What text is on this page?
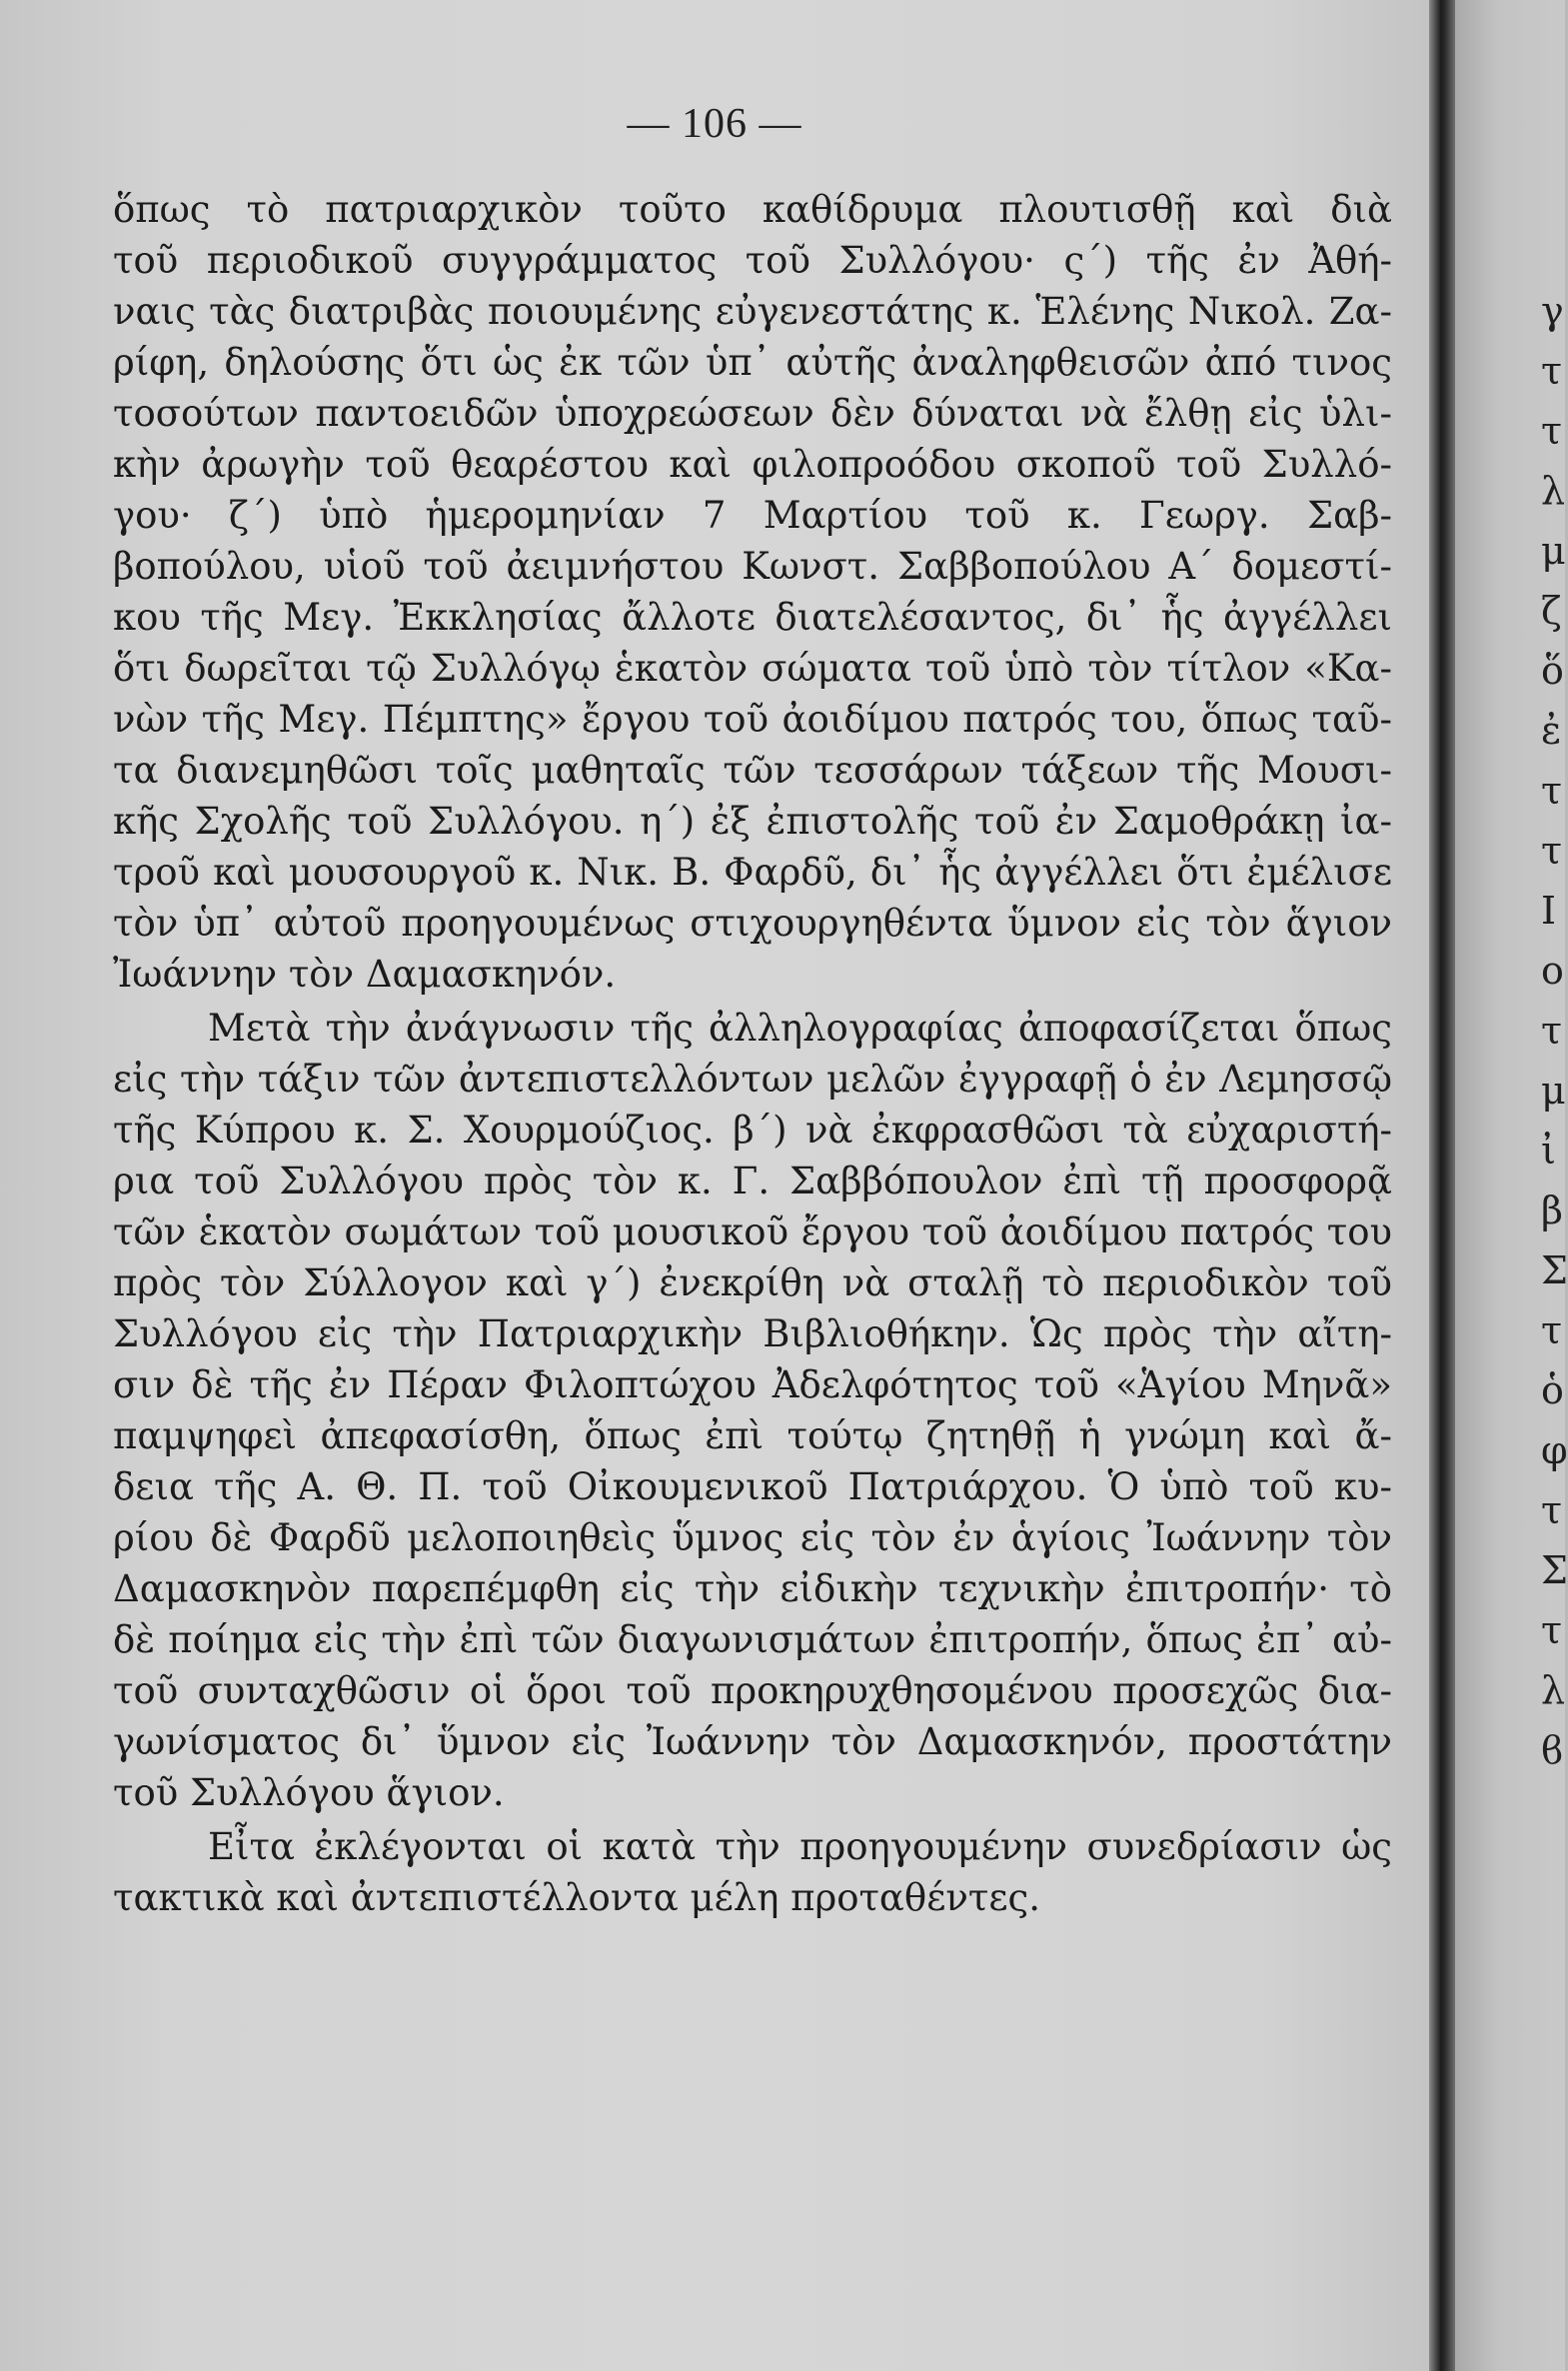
— 106 —
ὅπως τὸ πατριαρχικὸν τοῦτο καθίδρυμα πλουτισθῇ καὶ διὰ
τοῦ περιοδικοῦ συγγράμματος τοῦ Συλλόγου· ς΄) τῆς ἐν Ἀθή-
ναις τὰς διατριβὰς ποιουμένης εὐγενεστάτης κ. Ἑλένης Νικολ. Ζα-
ρίφη, δηλούσης ὅτι ὡς ἐκ τῶν ὑπ᾽ αὐτῆς ἀναληφθεισῶν ἀπό τινος
τοσούτων παντοειδῶν ὑποχρεώσεων δὲν δύναται νὰ ἔλθῃ εἰς ὑλι-
κὴν ἀρωγὴν τοῦ θεαρέστου καὶ φιλοπροόδου σκοποῦ τοῦ Συλλό-
γου· ζ΄) ὑπὸ ἡμερομηνίαν 7 Μαρτίου τοῦ κ. Γεωργ. Σαβ-
βοπούλου, υἱοῦ τοῦ ἀειμνήστου Κωνστ. Σαββοπούλου Α΄ δομεστί-
κου τῆς Μεγ. Ἐκκλησίας ἄλλοτε διατελέσαντος, δι᾽ ἧς ἀγγέλλει
ὅτι δωρεῖται τῷ Συλλόγῳ ἑκατὸν σώματα τοῦ ὑπὸ τὸν τίτλον «Κα-
νὼν τῆς Μεγ. Πέμπτης» ἔργου τοῦ ἀοιδίμου πατρός του, ὅπως ταῦ-
τα διανεμηθῶσι τοῖς μαθηταῖς τῶν τεσσάρων τάξεων τῆς Μουσι-
κῆς Σχολῆς τοῦ Συλλόγου. η΄) ἐξ ἐπιστολῆς τοῦ ἐν Σαμοθράκῃ ἰα-
τροῦ καὶ μουσουργοῦ κ. Νικ. Β. Φαρδῦ, δι᾽ ἧς ἀγγέλλει ὅτι ἐμέλισε
τὸν ὑπ᾽ αὐτοῦ προηγουμένως στιχουργηθέντα ὕμνον εἰς τὸν ἅγιον
Ἰωάννην τὸν Δαμασκηνόν.
Μετὰ τὴν ἀνάγνωσιν τῆς ἀλληλογραφίας ἀποφασίζεται ὅπως
εἰς τὴν τάξιν τῶν ἀντεπιστελλόντων μελῶν ἐγγραφῇ ὁ ἐν Λεμησσῷ
τῆς Κύπρου κ. Σ. Χουρμούζιος. β΄) νὰ ἐκφρασθῶσι τὰ εὐχαριστή-
ρια τοῦ Συλλόγου πρὸς τὸν κ. Γ. Σαββόπουλον ἐπὶ τῇ προσφορᾷ
τῶν ἑκατὸν σωμάτων τοῦ μουσικοῦ ἔργου τοῦ ἀοιδίμου πατρός του
πρὸς τὸν Σύλλογον καὶ γ΄) ἐνεκρίθη νὰ σταλῇ τὸ περιοδικὸν τοῦ
Συλλόγου εἰς τὴν Πατριαρχικὴν Βιβλιοθήκην. Ὡς πρὸς τὴν αἴτη-
σιν δὲ τῆς ἐν Πέραν Φιλοπτώχου Ἀδελφότητος τοῦ «Ἁγίου Μηνᾶ»
παμψηφεὶ ἀπεφασίσθη, ὅπως ἐπὶ τούτῳ ζητηθῇ ἡ γνώμη καὶ ἄ-
δεια τῆς Α. Θ. Π. τοῦ Οἰκουμενικοῦ Πατριάρχου. Ὁ ὑπὸ τοῦ κυ-
ρίου δὲ Φαρδῦ μελοποιηθεὶς ὕμνος εἰς τὸν ἐν ἁγίοις Ἰωάννην τὸν
Δαμασκηνὸν παρεπέμφθη εἰς τὴν εἰδικὴν τεχνικὴν ἐπιτροπήν· τὸ
δὲ ποίημα εἰς τὴν ἐπὶ τῶν διαγωνισμάτων ἐπιτροπήν, ὅπως ἐπ᾽ αὐ-
τοῦ συνταχθῶσιν οἱ ὅροι τοῦ προκηρυχθησομένου προσεχῶς δια-
γωνίσματος δι᾽ ὕμνον εἰς Ἰωάννην τὸν Δαμασκηνόν, προστάτην
τοῦ Συλλόγου ἅγιον.
Εἶτα ἐκλέγονται οἱ κατὰ τὴν προηγουμένην συνεδρίασιν ὡς
τακτικὰ καὶ ἀντεπιστέλλοντα μέλη προταθέντες.
γ
τ
τ
λ
μ
ζ
ὅ
ἐ
τ
τ
Ι
ο
τ
μ
ἰ
β
Σ
τ
ὁ
φ
τ
Σ
τ
λ
ϐ
